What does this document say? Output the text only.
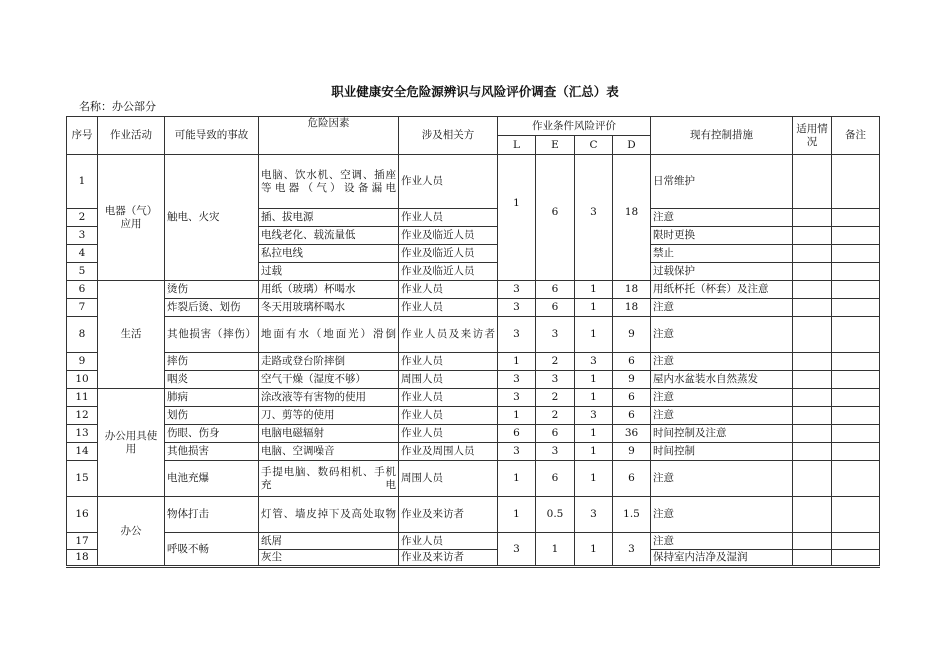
职业健康安全危险源辨识与风险评价调查（汇总）表
名称：办公部分
序号	作业活动	可能导致的事故	危险因素	涉及相关方	作业条件风险评价				现有控制措施	适用情况	备注
					L	E	C	D			
1	电器（气）应用	触电、火灾	电脑、饮水机、空调、插座等电器（气）设备漏电	作业人员	1	6	3	18	日常维护		
2			插、拔电源	作业人员					注意		
3			电线老化、载流量低	作业及临近人员					限时更换		
4			私拉电线	作业及临近人员					禁止		
5			过载	作业及临近人员					过载保护		
6	生活	烫伤	用纸（玻璃）杯喝水	作业人员	3	6	1	18	用纸杯托（杯套）及注意		
7		炸裂后烫、划伤	冬天用玻璃杯喝水	作业人员	3	6	1	18	注意		
8		其他损害（摔伤）	地面有水（地面光）滑倒	作业人员及来访者	3	3	1	9	注意		
9		摔伤	走路或登台阶摔倒	作业人员	1	2	3	6	注意		
10		咽炎	空气干燥（湿度不够）	周围人员	3	3	1	9	屋内水盆装水自然蒸发		
11	办公用具使用	肺病	涂改液等有害物的使用	作业人员	3	2	1	6	注意		
12		划伤	刀、剪等的使用	作业人员	1	2	3	6	注意		
13		伤眼、伤身	电脑电磁辐射	作业人员	6	6	1	36	时间控制及注意		
14		其他损害	电脑、空调噪音	作业及周围人员	3	3	1	9	时间控制		
15		电池充爆	手提电脑、数码相机、手机充电	周围人员	1	6	1	6	注意		
16	办公	物体打击	灯管、墙皮掉下及高处取物	作业及来访者	1	0.5	3	1.5	注意		
17		呼吸不畅	纸屑	作业人员	3	1	1	3	注意		
18			灰尘	作业及来访者					保持室内洁净及湿润		
